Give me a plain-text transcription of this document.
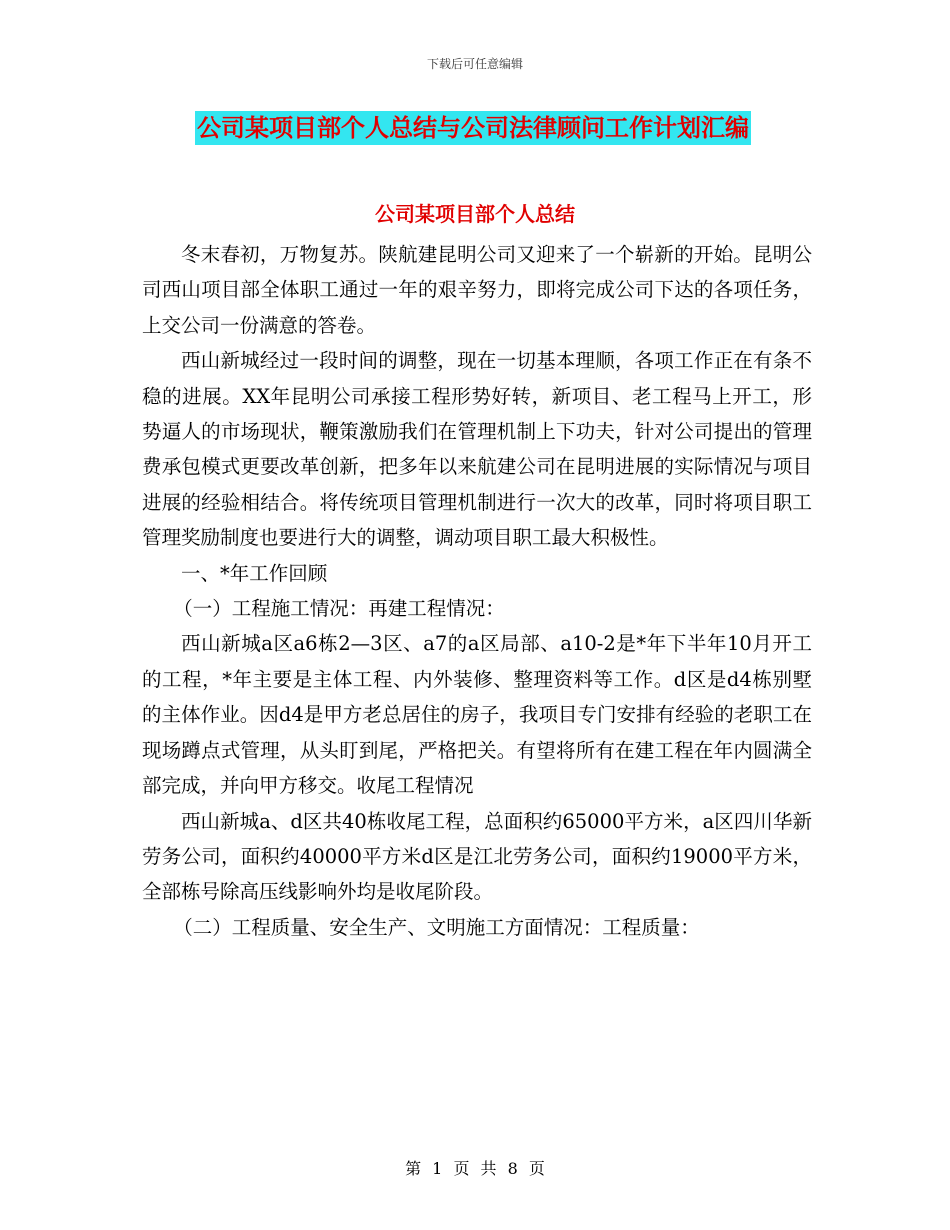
下载后可任意编辑
公司某项目部个人总结与公司法律顾问工作计划汇编
公司某项目部个人总结

冬末春初，万物复苏。陕航建昆明公司又迎来了一个崭新的开始。昆明公司西山项目部全体职工通过一年的艰辛努力，即将完成公司下达的各项任务，上交公司一份满意的答卷。

西山新城经过一段时间的调整，现在一切基本理顺，各项工作正在有条不稳的进展。XX年昆明公司承接工程形势好转，新项目、老工程马上开工，形势逼人的市场现状，鞭策激励我们在管理机制上下功夫，针对公司提出的管理费承包模式更要改革创新，把多年以来航建公司在昆明进展的实际情况与项目进展的经验相结合。将传统项目管理机制进行一次大的改革，同时将项目职工管理奖励制度也要进行大的调整，调动项目职工最大积极性。

一、*年工作回顾

（一）工程施工情况：再建工程情况：

西山新城a区a6栋2—3区、a7的a区局部、a10-2是*年下半年10月开工的工程，*年主要是主体工程、内外装修、整理资料等工作。d区是d4栋别墅的主体作业。因d4是甲方老总居住的房子，我项目专门安排有经验的老职工在现场蹲点式管理，从头盯到尾，严格把关。有望将所有在建工程在年内圆满全部完成，并向甲方移交。收尾工程情况

西山新城a、d区共40栋收尾工程，总面积约65000平方米，a区四川华新劳务公司，面积约40000平方米d区是江北劳务公司，面积约19000平方米，全部栋号除高压线影响外均是收尾阶段。

（二）工程质量、安全生产、文明施工方面情况：工程质量：

第 1 页 共 8 页
